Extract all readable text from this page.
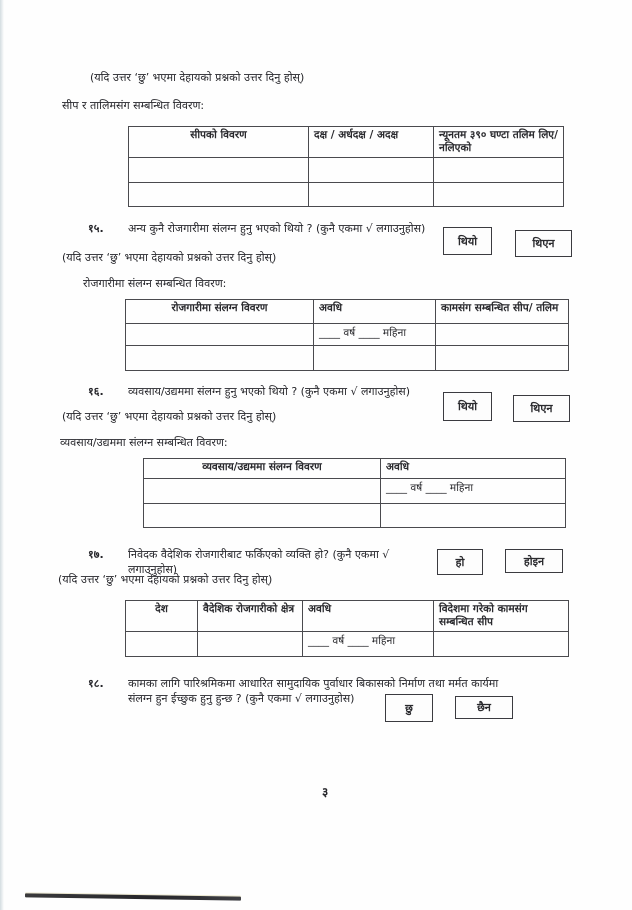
(यदि उत्तर ‘छु’ भएमा देहायको प्रश्नको उत्तर दिनु होस्)
सीप र तालिमसंग सम्बन्धित विवरण:
सीपको विवरण	दक्ष / अर्धदक्ष / अदक्ष	न्यूनतम ३९० घण्टा तलिम लिए/नलिएको

१५. अन्य कुनै रोजगारीमा संलग्न हुनु भएको थियो ? (कुनै एकमा √ लगाउनुहोस)
थियो	थिएन
(यदि उत्तर ‘छु’ भएमा देहायको प्रश्नको उत्तर दिनु होस्)
रोजगारीमा संलग्न सम्बन्धित विवरण:
रोजगारीमा संलग्न विवरण	अवधि	कामसंग सम्बन्धित सीप/ तलिम
	____ वर्ष ____ महिना	

१६. व्यवसाय/उद्यममा संलग्न हुनु भएको थियो ? (कुनै एकमा √ लगाउनुहोस)
थियो	थिएन
(यदि उत्तर ‘छु’ भएमा देहायको प्रश्नको उत्तर दिनु होस्)
व्यवसाय/उद्यममा संलग्न सम्बन्धित विवरण:
व्यवसाय/उद्यममा संलग्न विवरण	अवधि
	____ वर्ष ____ महिना

१७. निवेदक वैदेशिक रोजगारीबाट फर्किएको व्यक्ति हो? (कुनै एकमा √ लगाउनुहोस)
हो	होइन
(यदि उत्तर ‘छु’ भएमा देहायको प्रश्नको उत्तर दिनु होस्)
देश	वैदेशिक रोजगारीको क्षेत्र	अवधि	विदेशमा गरेको कामसंग सम्बन्धित सीप
		____ वर्ष ____ महिना	
१८. कामका लागि पारिश्रमिकमा आधारित सामुदायिक पुर्वाधार बिकासको निर्माण तथा मर्मत कार्यमा संलग्न हुन ईच्छुक हुनु हुन्छ ? (कुनै एकमा √ लगाउनुहोस)
छु	छैन
३
